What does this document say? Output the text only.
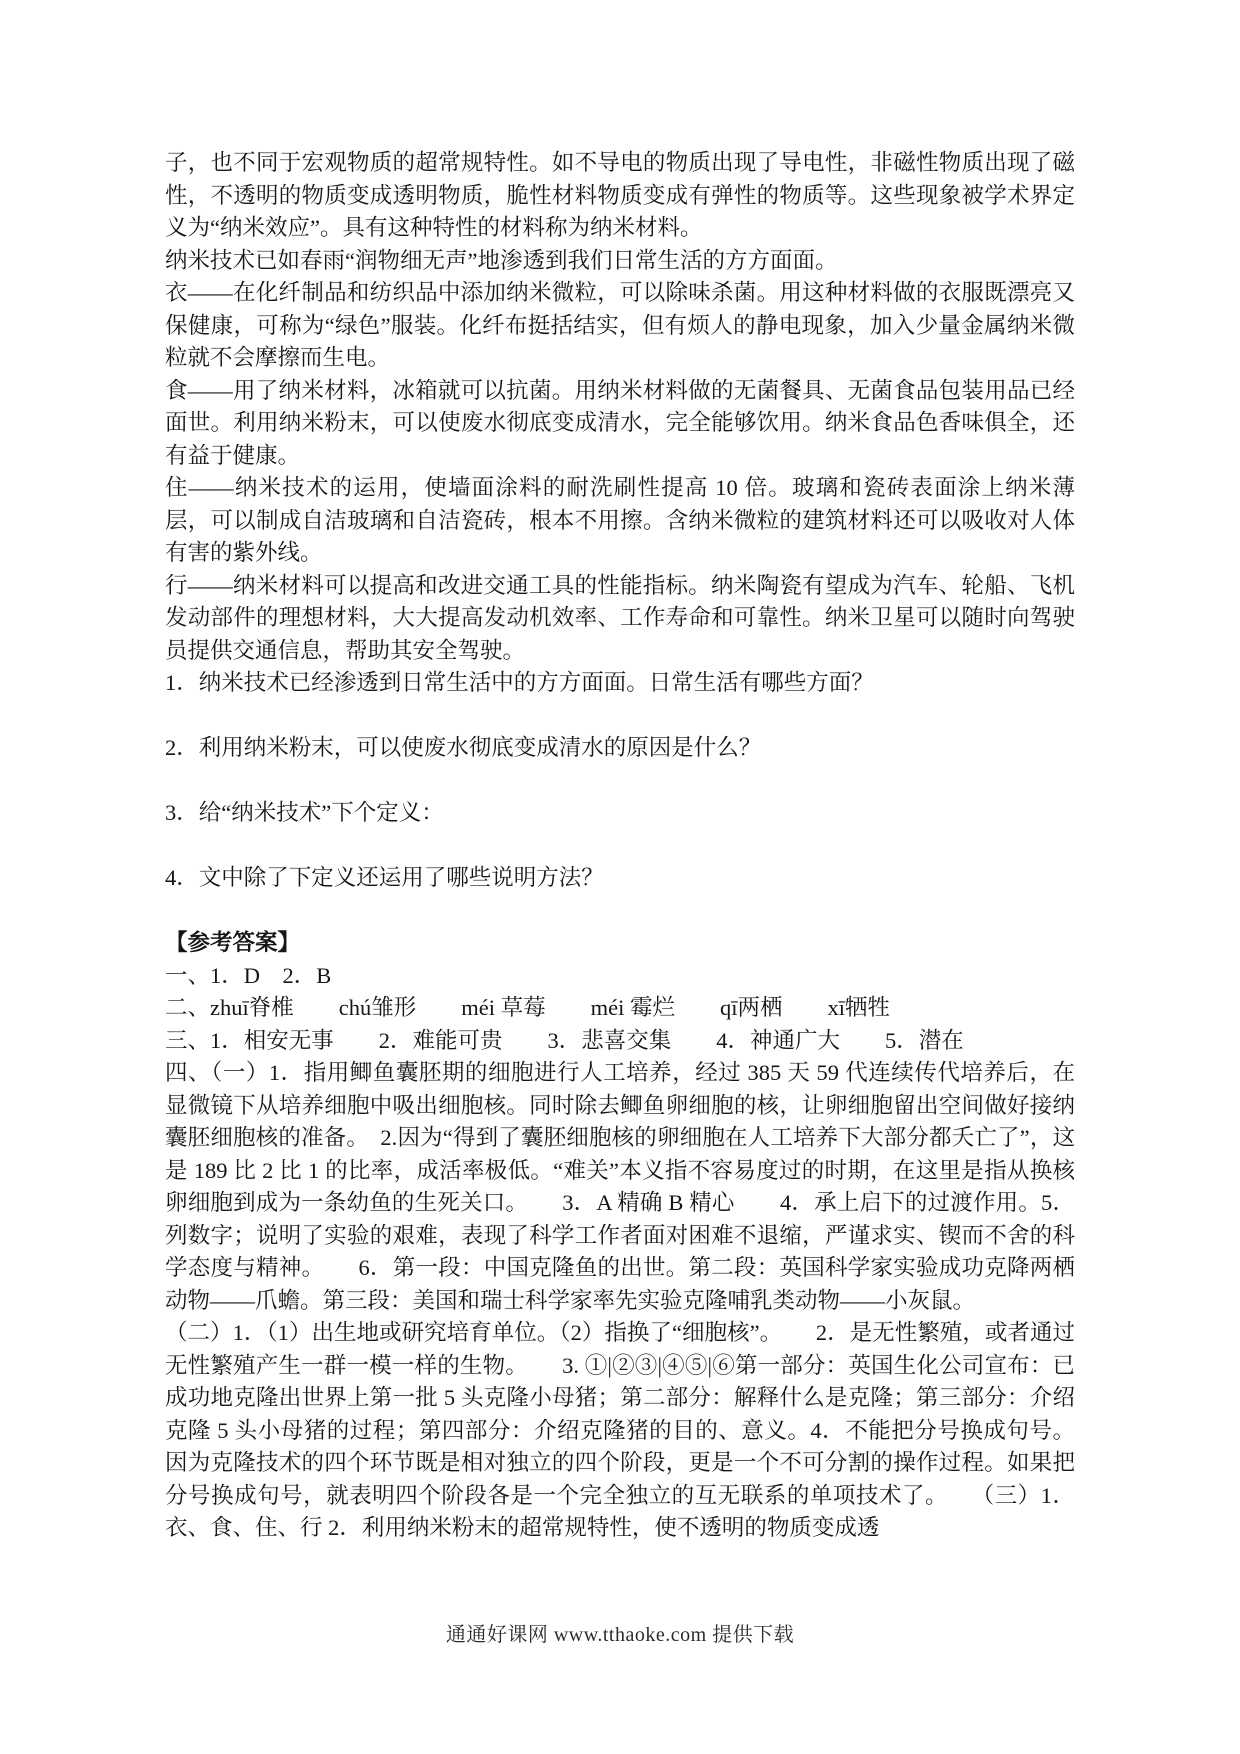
子，也不同于宏观物质的超常规特性。如不导电的物质出现了导电性，非磁性物质出现了磁性，不透明的物质变成透明物质，脆性材料物质变成有弹性的物质等。这些现象被学术界定义为“纳米效应”。具有这种特性的材料称为纳米材料。

纳米技术已如春雨“润物细无声”地渗透到我们日常生活的方方面面。

衣——在化纤制品和纺织品中添加纳米微粒，可以除味杀菌。用这种材料做的衣服既漂亮又保健康，可称为“绿色”服装。化纤布挺括结实，但有烦人的静电现象，加入少量金属纳米微粒就不会摩擦而生电。

食——用了纳米材料，冰箱就可以抗菌。用纳米材料做的无菌餐具、无菌食品包装用品已经面世。利用纳米粉末，可以使废水彻底变成清水，完全能够饮用。纳米食品色香味俱全，还有益于健康。

住——纳米技术的运用，使墙面涂料的耐洗刷性提高 10 倍。玻璃和瓷砖表面涂上纳米薄层，可以制成自洁玻璃和自洁瓷砖，根本不用擦。含纳米微粒的建筑材料还可以吸收对人体有害的紫外线。

行——纳米材料可以提高和改进交通工具的性能指标。纳米陶瓷有望成为汽车、轮船、飞机发动部件的理想材料，大大提高发动机效率、工作寿命和可靠性。纳米卫星可以随时向驾驶员提供交通信息，帮助其安全驾驶。

1．纳米技术已经渗透到日常生活中的方方面面。日常生活有哪些方面？

2．利用纳米粉末，可以使废水彻底变成清水的原因是什么？

3．给“纳米技术”下个定义：

4．文中除了下定义还运用了哪些说明方法？

【参考答案】

一、1．D　2．B

二、zhuī脊椎　　chú雏形　　méi 草莓　　méi 霉烂　　qī两栖　　xī牺牲

三、1．相安无事　　2．难能可贵　　3．悲喜交集　　4．神通广大　　5．潜在

四、（一）1．指用鲫鱼囊胚期的细胞进行人工培养，经过 385 天 59 代连续传代培养后，在显微镜下从培养细胞中吸出细胞核。同时除去鲫鱼卵细胞的核，让卵细胞留出空间做好接纳囊胚细胞核的准备。　2.因为“得到了囊胚细胞核的卵细胞在人工培养下大部分都夭亡了”，这是 189 比 2 比 1 的比率，成活率极低。“难关”本义指不容易度过的时期，在这里是指从换核卵细胞到成为一条幼鱼的生死关口。　　3．A 精确 B 精心　　4．承上启下的过渡作用。5．列数字；说明了实验的艰难，表现了科学工作者面对困难不退缩，严谨求实、锲而不舍的科学态度与精神。　　6．第一段：中国克隆鱼的出世。第二段：英国科学家实验成功克降两栖动物——爪蟾。第三段：美国和瑞士科学家率先实验克隆哺乳类动物——小灰鼠。

（二）1．（1）出生地或研究培育单位。（2）指换了“细胞核”。　　2．是无性繁殖，或者通过无性繁殖产生一群一模一样的生物。　　3. ①|②③|④⑤|⑥第一部分：英国生化公司宣布：已成功地克隆出世界上第一批 5 头克隆小母猪；第二部分：解释什么是克隆；第三部分：介绍克隆 5 头小母猪的过程；第四部分：介绍克隆猪的目的、意义。4．不能把分号换成句号。因为克隆技术的四个环节既是相对独立的四个阶段，更是一个不可分割的操作过程。如果把分号换成句号，就表明四个阶段各是一个完全独立的互无联系的单项技术了。　　（三）1．衣、食、住、行 2．利用纳米粉末的超常规特性，使不透明的物质变成透

通通好课网 www.tthaoke.com 提供下载
